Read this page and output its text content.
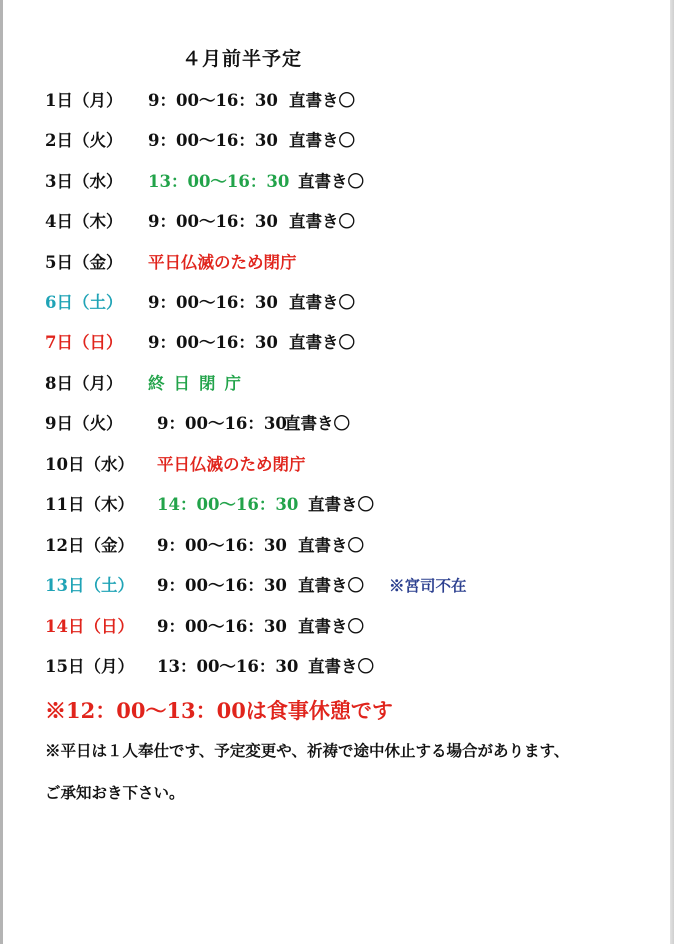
４月前半予定
1日（月） 9：00〜16：30 直書き〇
2日（火） 9：00〜16：30 直書き〇
3日（水） 13：00〜16：30 直書き〇
4日（木） 9：00〜16：30 直書き〇
5日（金） 平日仏滅のため閉庁
6日（土） 9：00〜16：30 直書き〇
7日（日） 9：00〜16：30 直書き〇
8日（月） 終日閉庁
9日（火） 9：00〜16：30
直書き〇
10日（水） 平日仏滅のため閉庁
11日（木） 14：00〜16：30 直書き〇
12日（金） 9：00〜16：30 直書き〇
13日（土） 9：00〜16：30 直書き〇 ※宮司不在
14日（日） 9：00〜16：30 直書き〇
15日（月） 13：00〜16：30 直書き〇
※12：00〜13：00は食事休憩です
※平日は１人奉仕です、予定変更や、祈祷で途中休止する場合があります、
ご承知おき下さい。
